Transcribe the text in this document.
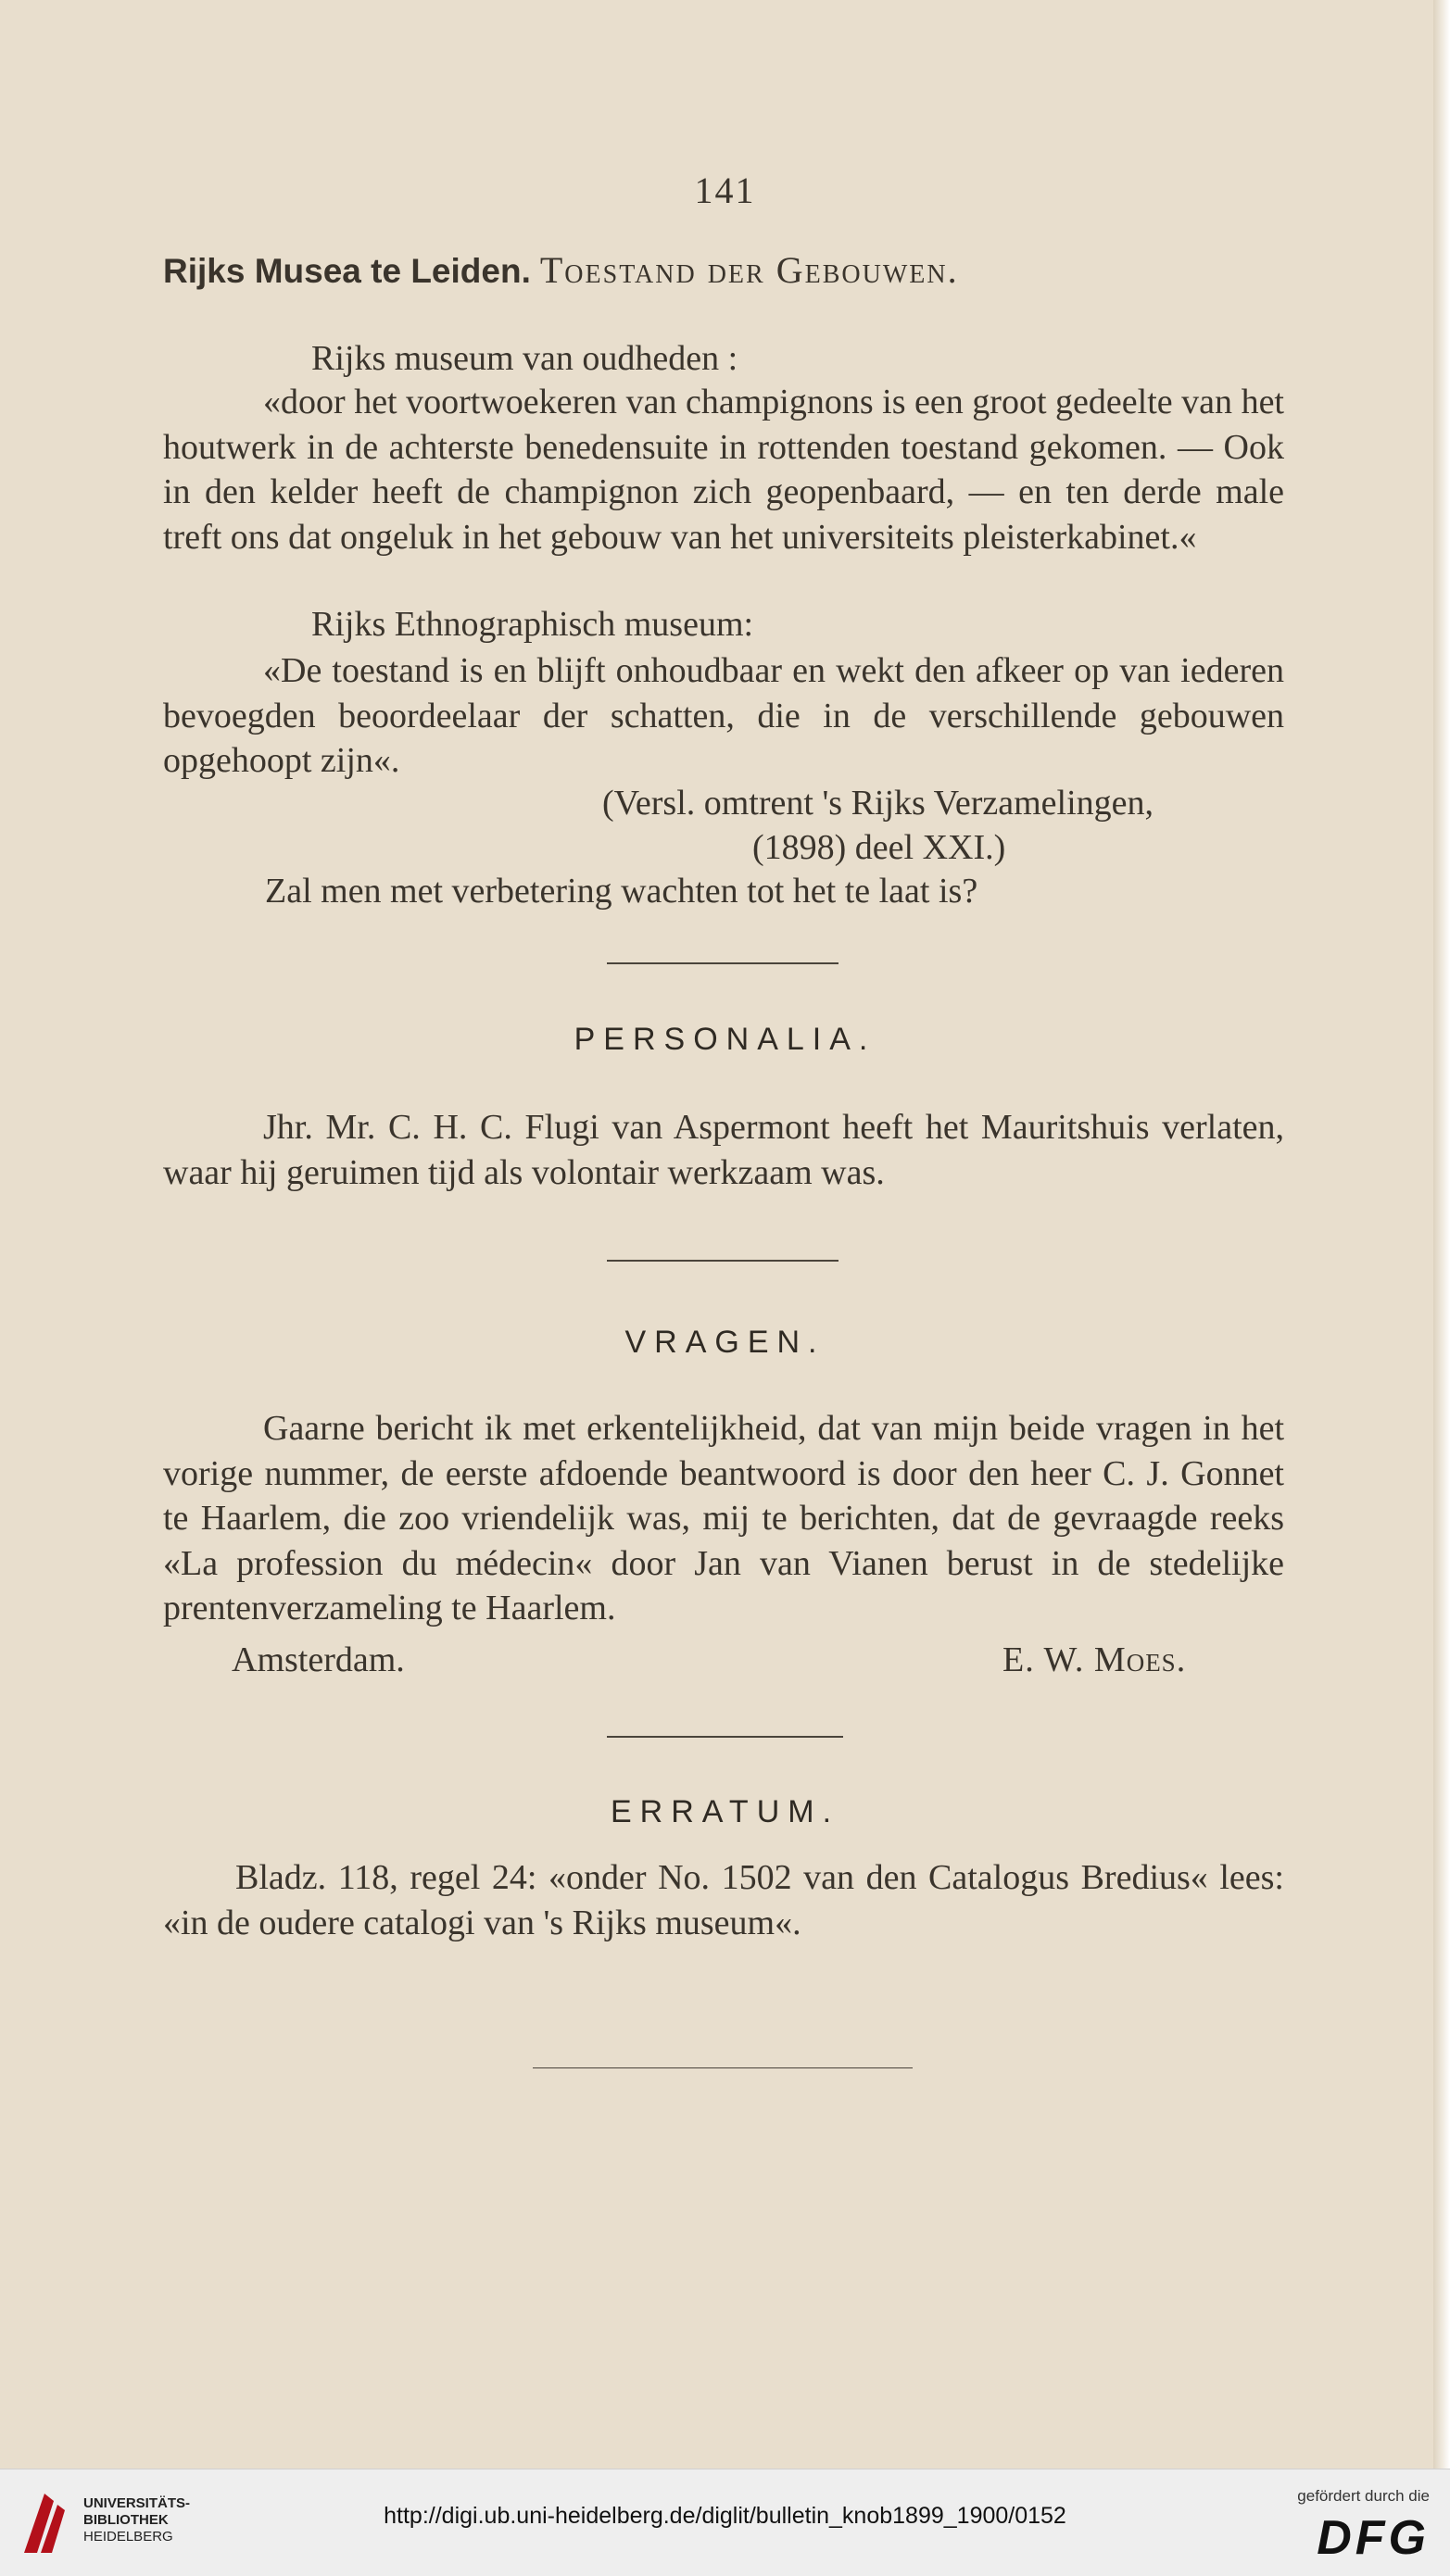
141
Rijks Musea te Leiden. Toestand der Gebouwen.
Rijks museum van oudheden :

«door het voortwoekeren van champignons is een groot gedeelte van het houtwerk in de achterste benedensuite in rottenden toestand gekomen. — Ook in den kelder heeft de champignon zich geopenbaard, — en ten derde male treft ons dat ongeluk in het gebouw van het universiteits pleisterkabinet.«

Rijks Ethnographisch museum:

«De toestand is en blijft onhoudbaar en wekt den afkeer op van iederen bevoegden beoordeelaar der schatten, die in de verschillende gebouwen opgehoopt zijn«.

(Versl. omtrent 's Rijks Verzamelingen,
(1898) deel XXI.)
Zal men met verbetering wachten tot het te laat is?
PERSONALIA.

Jhr. Mr. C. H. C. Flugi van Aspermont heeft het Mauritshuis verlaten, waar hij geruimen tijd als volontair werkzaam was.

VRAGEN.

Gaarne bericht ik met erkentelijkheid, dat van mijn beide vragen in het vorige nummer, de eerste afdoende beantwoord is door den heer C. J. Gonnet te Haarlem, die zoo vriendelijk was, mij te berichten, dat de gevraagde reeks «La profession du médecin« door Jan van Vianen berust in de stedelijke prentenverzameling te Haarlem.

Amsterdam.	E. W. Moes.
ERRATUM.

Bladz. 118, regel 24: «onder No. 1502 van den Catalogus Bredius« lees: «in de oudere catalogi van 's Rijks museum«.

UNIVERSITÄTS-
BIBLIOTHEK
HEIDELBERG
http://digi.ub.uni-heidelberg.de/diglit/bulletin_knob1899_1900/0152
gefördert durch die
DFG
